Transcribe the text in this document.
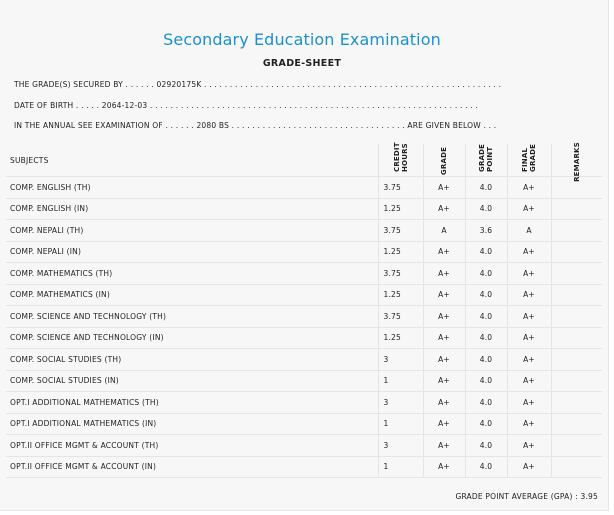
Secondary Education Examination
GRADE-SHEET
THE GRADE(S) SECURED BY . . . . . . 02920175K . . . . . . . . . . . . . . . . . . . . . . . . . . . . . . . . . . . . . . . . . . . . . . . . . . . . . . . . . .
DATE OF BIRTH . . . . . 2064-12-03 . . . . . . . . . . . . . . . . . . . . . . . . . . . . . . . . . . . . . . . . . . . . . . . . . . . . . . . . . . . . . . . .
IN THE ANNUAL SEE EXAMINATION OF . . . . . . 2080 BS . . . . . . . . . . . . . . . . . . . . . . . . . . . . . . . . . . ARE GIVEN BELOW . . .
SUBJECTS	CREDIT HOURS	GRADE	GRADE POINT	FINAL GRADE	REMARKS
COMP. ENGLISH (TH)	3.75	A+	4.0	A+	
COMP. ENGLISH (IN)	1.25	A+	4.0	A+	
COMP. NEPALI (TH)	3.75	A	3.6	A	
COMP. NEPALI (IN)	1.25	A+	4.0	A+	
COMP. MATHEMATICS (TH)	3.75	A+	4.0	A+	
COMP. MATHEMATICS (IN)	1.25	A+	4.0	A+	
COMP. SCIENCE AND TECHNOLOGY (TH)	3.75	A+	4.0	A+	
COMP. SCIENCE AND TECHNOLOGY (IN)	1.25	A+	4.0	A+	
COMP. SOCIAL STUDIES (TH)	3	A+	4.0	A+	
COMP. SOCIAL STUDIES (IN)	1	A+	4.0	A+	
OPT.I ADDITIONAL MATHEMATICS (TH)	3	A+	4.0	A+	
OPT.I ADDITIONAL MATHEMATICS (IN)	1	A+	4.0	A+	
OPT.II OFFICE MGMT & ACCOUNT (TH)	3	A+	4.0	A+	
OPT.II OFFICE MGMT & ACCOUNT (IN)	1	A+	4.0	A+	
GRADE POINT AVERAGE (GPA) : 3.95
